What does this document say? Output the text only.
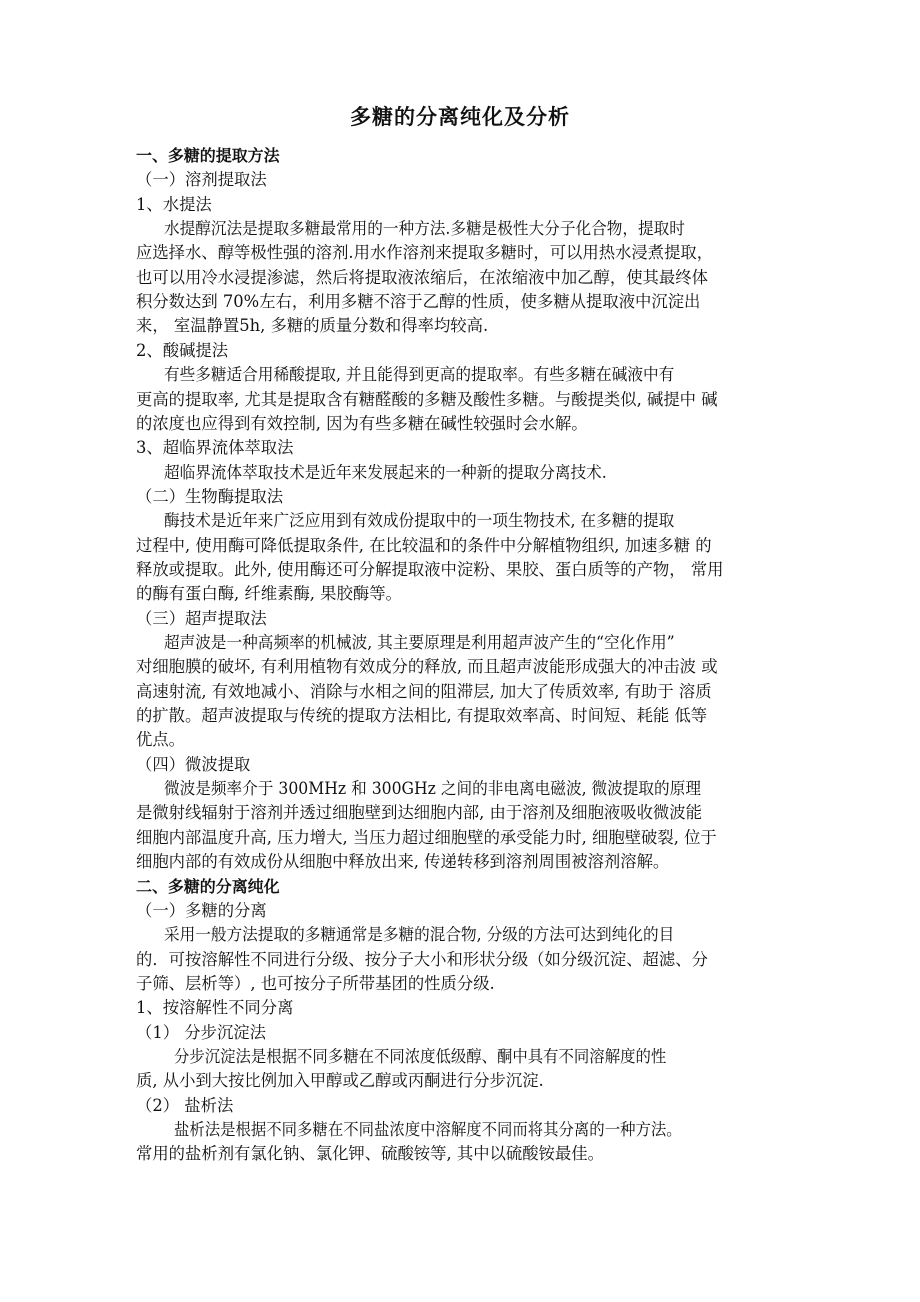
多糖的分离纯化及分析
一、多糖的提取方法
（一）溶剂提取法
1、水提法
水提醇沉法是提取多糖最常用的一种方法.多糖是极性大分子化合物，提取时
应选择水、醇等极性强的溶剂.用水作溶剂来提取多糖时，可以用热水浸煮提取，
也可以用冷水浸提渗滤，然后将提取液浓缩后，在浓缩液中加乙醇，使其最终体
积分数达到 70%左右，利用多糖不溶于乙醇的性质，使多糖从提取液中沉淀出
来， 室温静置5h, 多糖的质量分数和得率均较高.
2、酸碱提法
有些多糖适合用稀酸提取, 并且能得到更高的提取率。有些多糖在碱液中有
更高的提取率, 尤其是提取含有糖醛酸的多糖及酸性多糖。与酸提类似, 碱提中 碱
的浓度也应得到有效控制, 因为有些多糖在碱性较强时会水解。
3、超临界流体萃取法
超临界流体萃取技术是近年来发展起来的一种新的提取分离技术.
（二）生物酶提取法
酶技术是近年来广泛应用到有效成份提取中的一项生物技术, 在多糖的提取
过程中, 使用酶可降低提取条件, 在比较温和的条件中分解植物组织, 加速多糖 的
释放或提取。此外, 使用酶还可分解提取液中淀粉、果胶、蛋白质等的产物， 常用
的酶有蛋白酶, 纤维素酶, 果胶酶等。
（三）超声提取法
超声波是一种高频率的机械波, 其主要原理是利用超声波产生的“空化作用”
对细胞膜的破坏, 有利用植物有效成分的释放, 而且超声波能形成强大的冲击波 或
高速射流, 有效地减小、消除与水相之间的阻滞层, 加大了传质效率, 有助于 溶质
的扩散。超声波提取与传统的提取方法相比, 有提取效率高、时间短、耗能 低等
优点。
（四）微波提取
微波是频率介于 300MHz 和 300GHz 之间的非电离电磁波, 微波提取的原理
是微射线辐射于溶剂并透过细胞壁到达细胞内部, 由于溶剂及细胞液吸收微波能
细胞内部温度升高, 压力增大, 当压力超过细胞壁的承受能力时, 细胞壁破裂, 位于
细胞内部的有效成份从细胞中释放出来, 传递转移到溶剂周围被溶剂溶解。
二、多糖的分离纯化
（一）多糖的分离
采用一般方法提取的多糖通常是多糖的混合物, 分级的方法可达到纯化的目
的．可按溶解性不同进行分级、按分子大小和形状分级（如分级沉淀、超滤、分
子筛、层析等）, 也可按分子所带基团的性质分级.
1、按溶解性不同分离
（1） 分步沉淀法
分步沉淀法是根据不同多糖在不同浓度低级醇、酮中具有不同溶解度的性
质, 从小到大按比例加入甲醇或乙醇或丙酮进行分步沉淀.
（2） 盐析法
盐析法是根据不同多糖在不同盐浓度中溶解度不同而将其分离的一种方法。
常用的盐析剂有氯化钠、氯化钾、硫酸铵等, 其中以硫酸铵最佳。
